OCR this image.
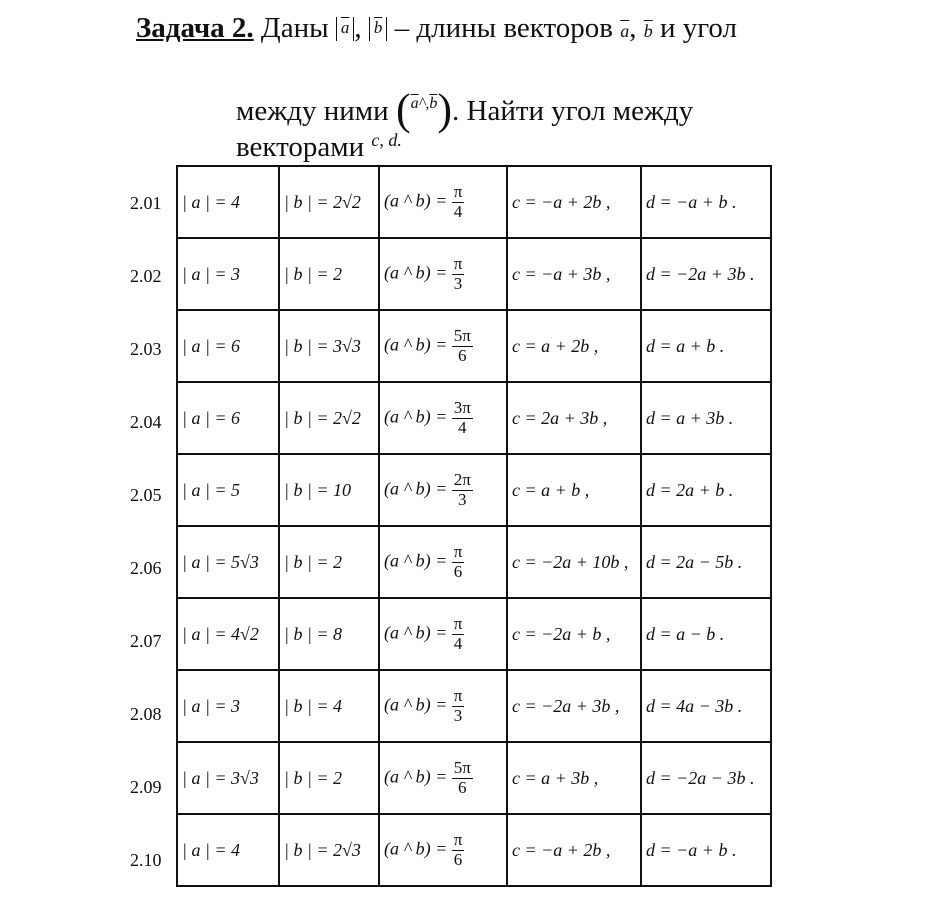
Задача 2. Даны $\overline{a}$ , $\overline{b}$ – длины векторов $\overline{a}$, $\overline{b}$ и угол
между ними ($^{\overline{a}\^{},\overline{b}}$). Найти угол между
векторами $^{c, d.}$
2.01
2.02
2.03
2.04
2.05
2.06
2.07
2.08
2.09
2.10
| a | = 4	| b | = 2√2	(a ^ $b) = \frac{\pi}{4}$	c = −a + 2b ,	d = −a + b .
| a | = 3	| b | = 2	(a ^ $b) = \frac{\pi}{3}$	c = −a + 3b ,	d = −2a + 3b .
| a | = 6	| b | = 3√3	(a ^ $b) = \frac{5\pi}{6}$	c = a + 2b ,	d = a + b .
| a | = 6	| b | = 2√2	(a ^ $b) = \frac{3\pi}{4}$	c = 2a + 3b ,	d = a + 3b .
| a | = 5	| b | = 10	(a ^ $b) = \frac{2\pi}{3}$	c = a + b ,	d = 2a + b .
| a | = 5√3	| b | = 2	(a ^ $b) = \frac{\pi}{6}$	c = −2a + 10b ,	d = 2a − 5b .
| a | = 4√2	| b | = 8	(a ^ $b) = \frac{\pi}{4}$	c = −2a + b ,	d = a − b .
| a | = 3	| b | = 4	(a ^ $b) = \frac{\pi}{3}$	c = −2a + 3b ,	d = 4a − 3b .
| a | = 3√3	| b | = 2	(a ^ $b) = \frac{5\pi}{6}$	c = a + 3b ,	d = −2a − 3b .
| a | = 4	| b | = 2√3	(a ^ $b) = \frac{\pi}{6}$	c = −a + 2b ,	d = −a + b .
